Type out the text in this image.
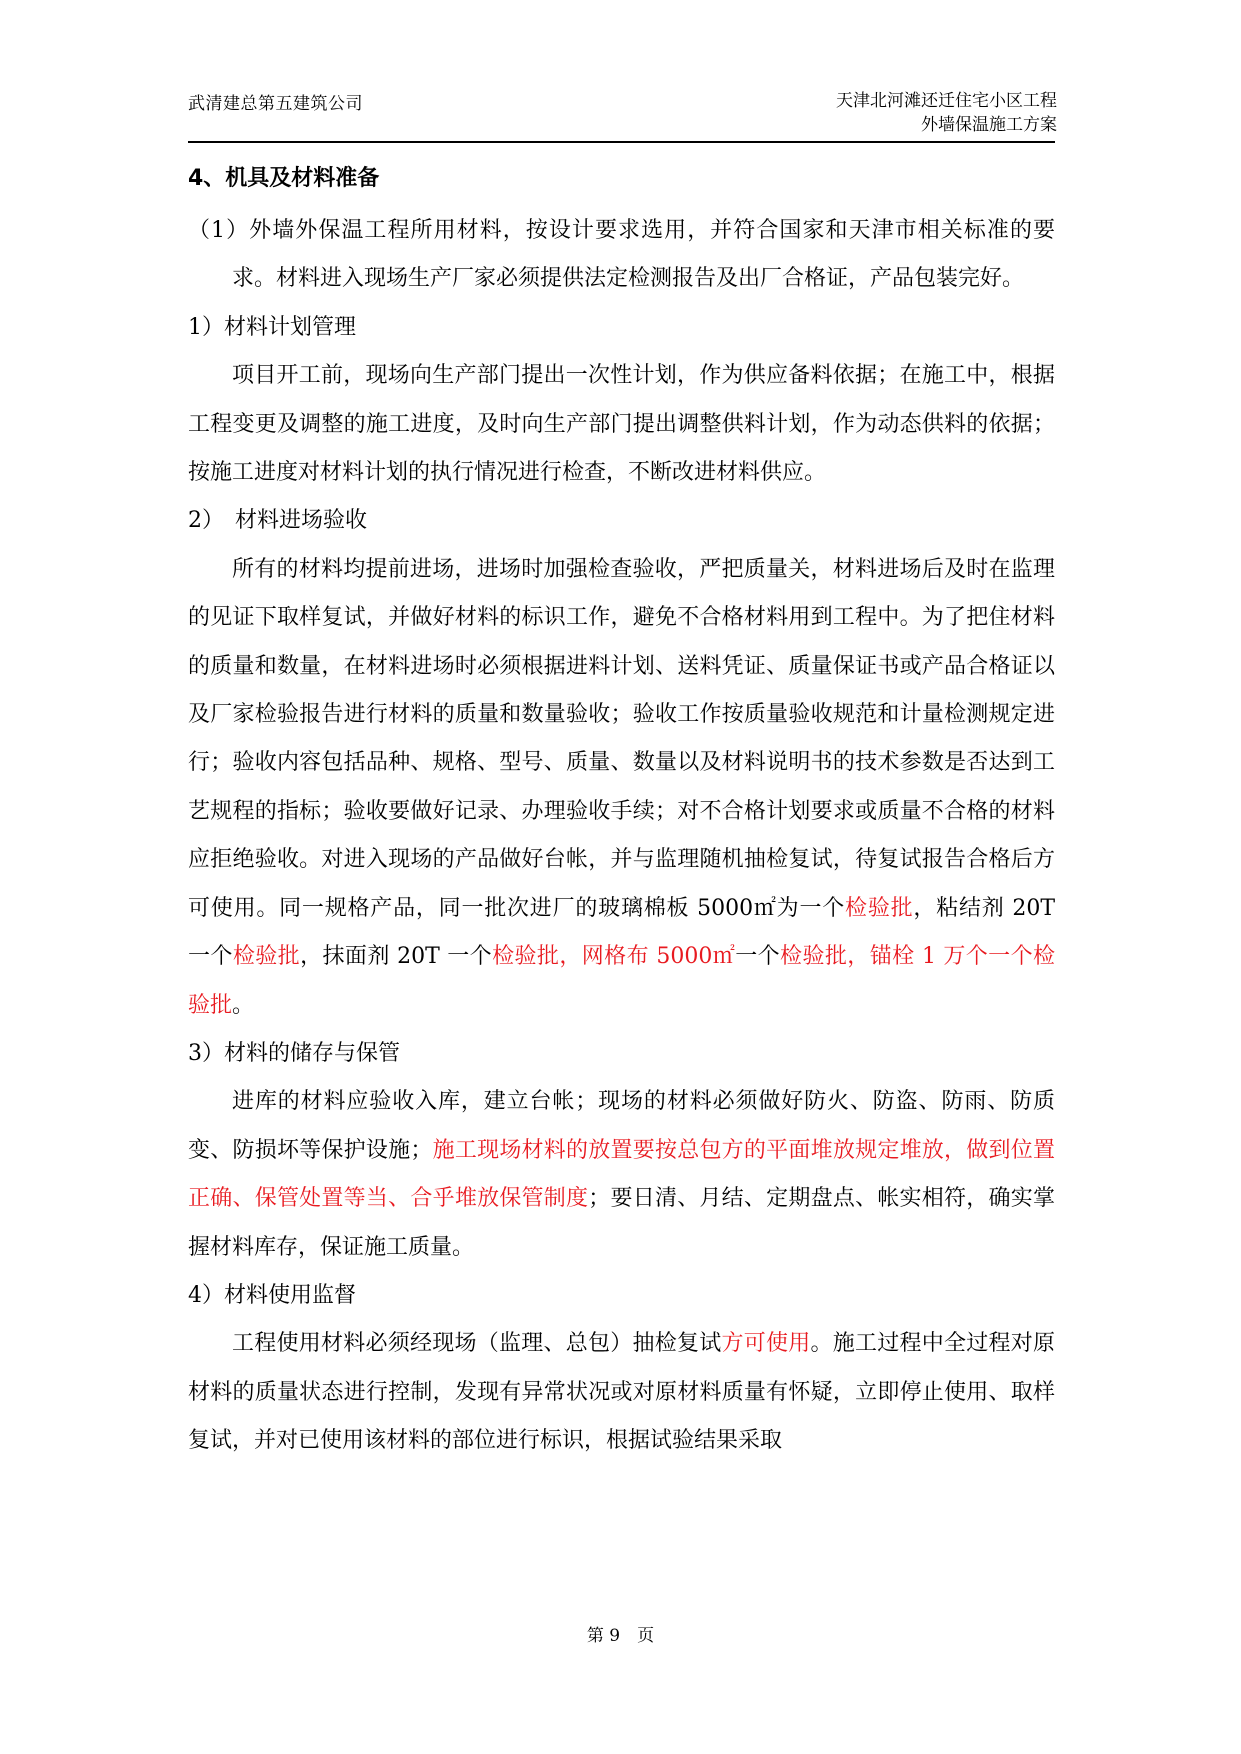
武清建总第五建筑公司	天津北河滩还迁住宅小区工程
外墙保温施工方案
4、机具及材料准备

（1）外墙外保温工程所用材料，按设计要求选用，并符合国家和天津市相关标准的要求。材料进入现场生产厂家必须提供法定检测报告及出厂合格证，产品包装完好。

1）材料计划管理

项目开工前，现场向生产部门提出一次性计划，作为供应备料依据；在施工中，根据工程变更及调整的施工进度，及时向生产部门提出调整供料计划，作为动态供料的依据；按施工进度对材料计划的执行情况进行检查，不断改进材料供应。

2）　材料进场验收

所有的材料均提前进场，进场时加强检查验收，严把质量关，材料进场后及时在监理的见证下取样复试，并做好材料的标识工作，避免不合格材料用到工程中。为了把住材料的质量和数量，在材料进场时必须根据进料计划、送料凭证、质量保证书或产品合格证以及厂家检验报告进行材料的质量和数量验收；验收工作按质量验收规范和计量检测规定进行；验收内容包括品种、规格、型号、质量、数量以及材料说明书的技术参数是否达到工艺规程的指标；验收要做好记录、办理验收手续；对不合格计划要求或质量不合格的材料应拒绝验收。对进入现场的产品做好台帐，并与监理随机抽检复试，待复试报告合格后方可使用。同一规格产品，同一批次进厂的玻璃棉板 5000㎡为一个检验批，粘结剂 20T 一个检验批，抹面剂 20T 一个检验批，网格布 5000㎡一个检验批，锚栓 1 万个一个检验批。

3）材料的储存与保管

进库的材料应验收入库，建立台帐；现场的材料必须做好防火、防盗、防雨、防质变、防损坏等保护设施；施工现场材料的放置要按总包方的平面堆放规定堆放，做到位置正确、保管处置等当、合乎堆放保管制度；要日清、月结、定期盘点、帐实相符，确实掌握材料库存，保证施工质量。

4）材料使用监督

工程使用材料必须经现场（监理、总包）抽检复试方可使用。施工过程中全过程对原材料的质量状态进行控制，发现有异常状况或对原材料质量有怀疑，立即停止使用、取样复试，并对已使用该材料的部位进行标识，根据试验结果采取

第 9　页
